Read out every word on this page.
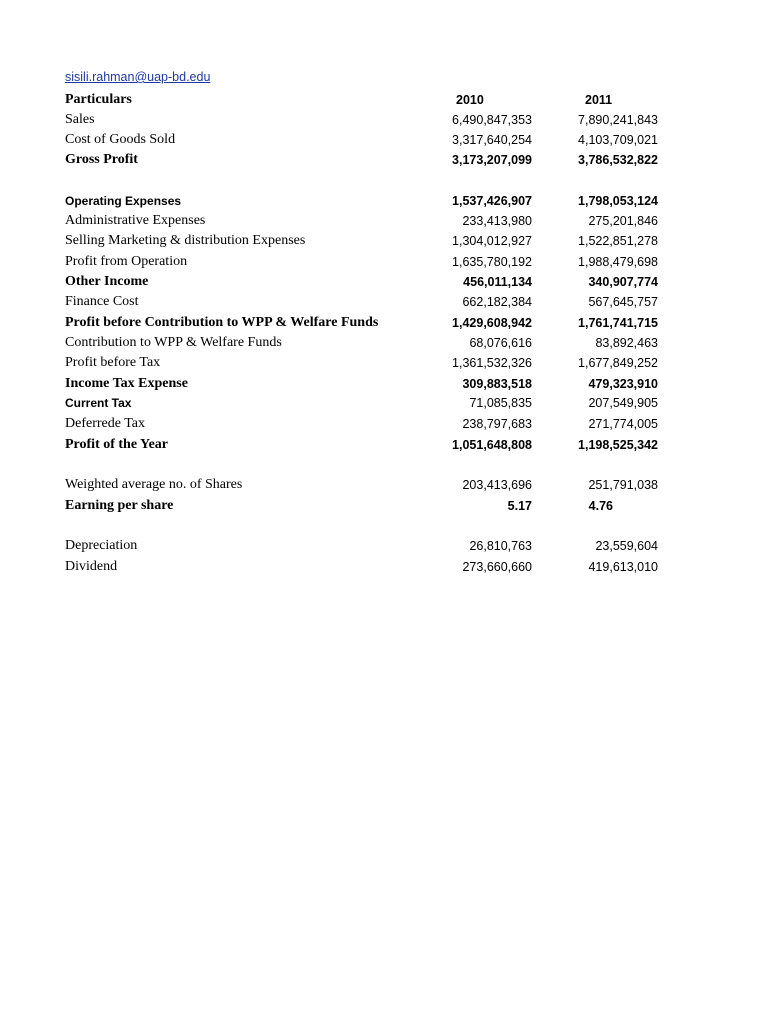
sisili.rahman@uap-bd.edu
Particulars	2010	2011
Sales	6,490,847,353	7,890,241,843
Cost of Goods Sold	3,317,640,254	4,103,709,021
Gross Profit	3,173,207,099	3,786,532,822
Operating Expenses	1,537,426,907	1,798,053,124
Administrative Expenses	233,413,980	275,201,846
Selling Marketing & distribution Expenses	1,304,012,927	1,522,851,278
Profit from Operation	1,635,780,192	1,988,479,698
Other Income	456,011,134	340,907,774
Finance Cost	662,182,384	567,645,757
Profit before Contribution to WPP & Welfare Funds	1,429,608,942	1,761,741,715
Contribution to WPP & Welfare Funds	68,076,616	83,892,463
Profit before Tax	1,361,532,326	1,677,849,252
Income Tax Expense	309,883,518	479,323,910
Current Tax	71,085,835	207,549,905
Deferrede Tax	238,797,683	271,774,005
Profit of the Year	1,051,648,808	1,198,525,342
Weighted average no. of Shares	203,413,696	251,791,038
Earning per share	5.17	4.76
Depreciation	26,810,763	23,559,604
Dividend	273,660,660	419,613,010
